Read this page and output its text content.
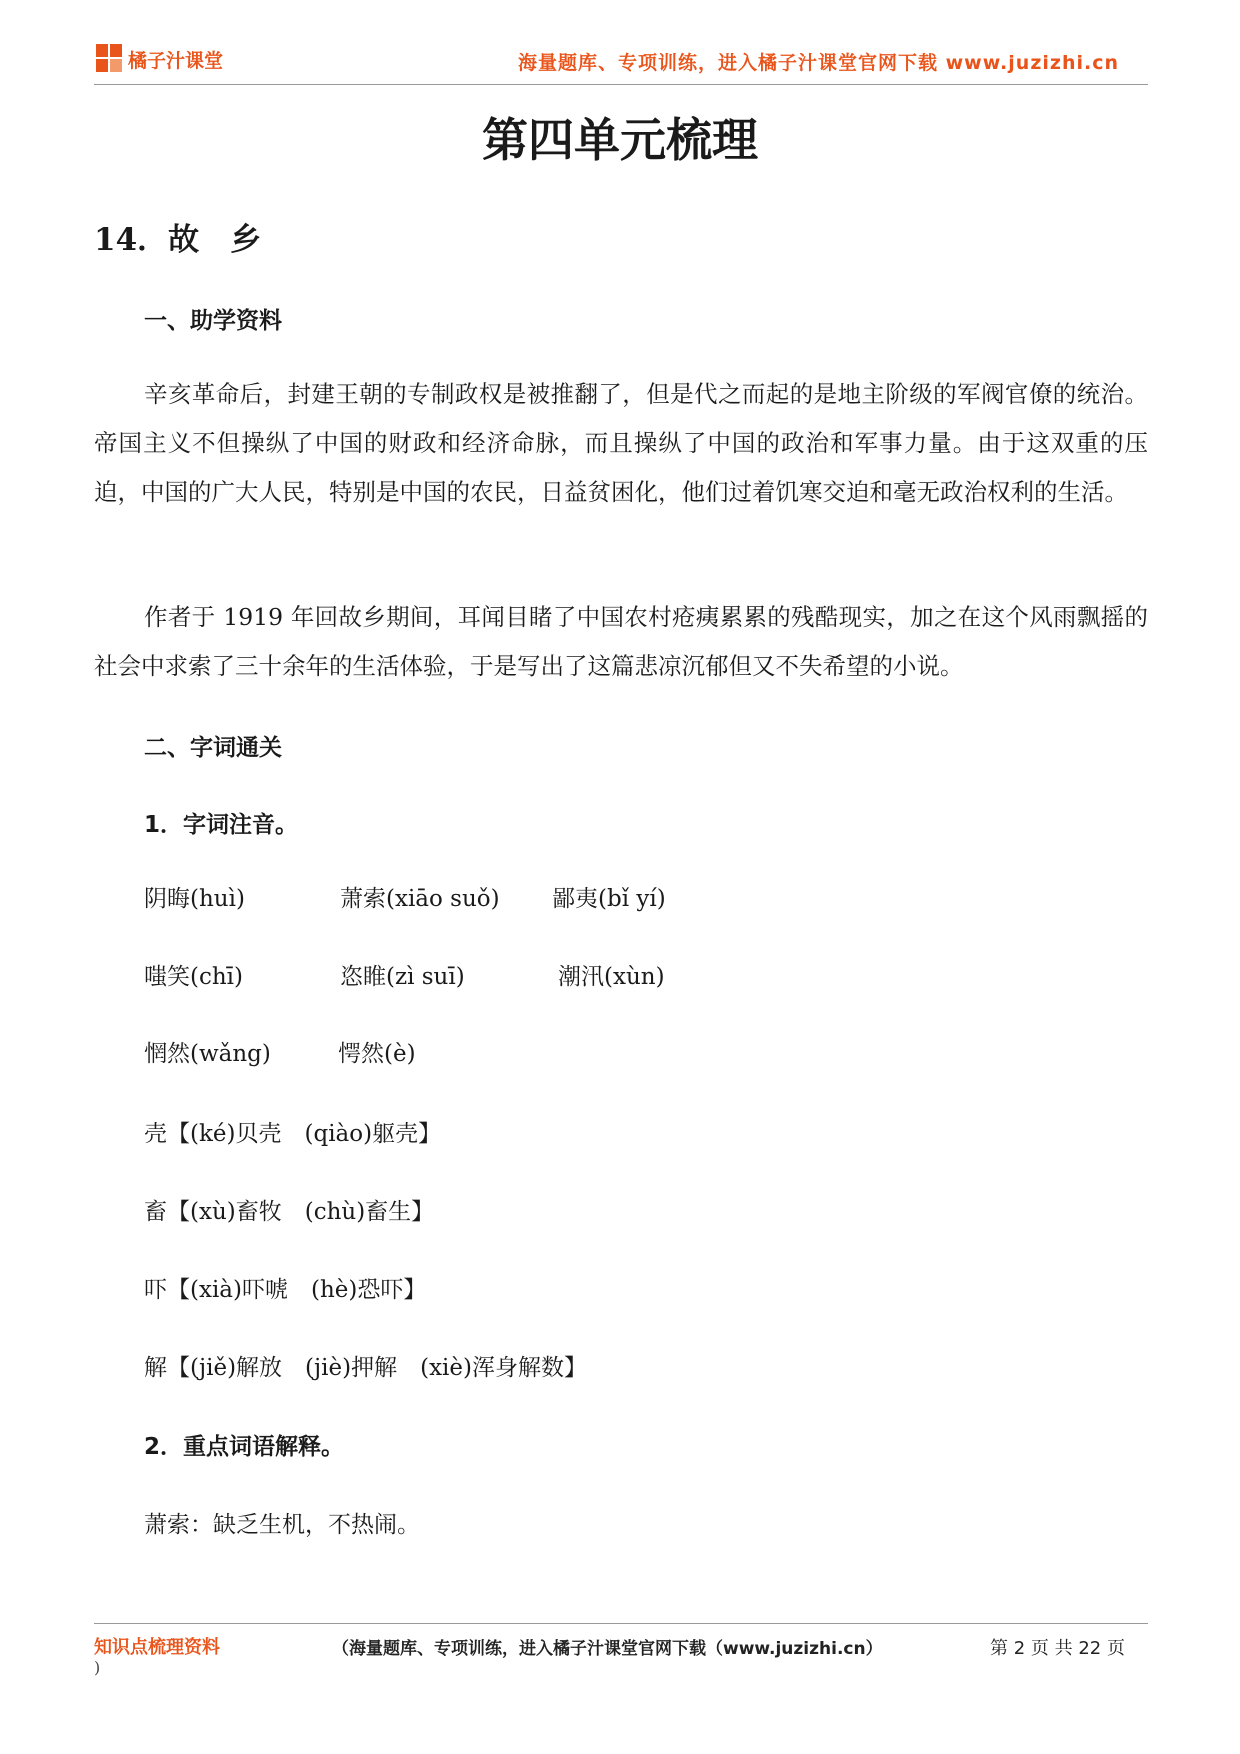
橘子汁课堂	海量题库、专项训练，进入橘子汁课堂官网下载 www.juzizhi.cn
第四单元梳理
14．故　乡
一、助学资料
辛亥革命后，封建王朝的专制政权是被推翻了，但是代之而起的是地主阶级的军阀官僚的统治。帝国主义不但操纵了中国的财政和经济命脉，而且操纵了中国的政治和军事力量。由于这双重的压迫，中国的广大人民，特别是中国的农民，日益贫困化，他们过着饥寒交迫和毫无政治权利的生活。
作者于 1919 年回故乡期间，耳闻目睹了中国农村疮痍累累的残酷现实，加之在这个风雨飘摇的社会中求索了三十余年的生活体验，于是写出了这篇悲凉沉郁但又不失希望的小说。
二、字词通关
1．字词注音。
阴晦(huì)	萧索(xiāo suǒ) 鄙夷(bǐ yí)
嗤笑(chī)	恣睢(zì suī)	潮汛(xùn)
惘然(wǎng)	愕然(è)
壳【(ké)贝壳　(qiào)躯壳】
畜【(xù)畜牧　(chù)畜生】
吓【(xià)吓唬　(hè)恐吓】
解【(jiě)解放　(jiè)押解　(xiè)浑身解数】
2．重点词语解释。
萧索：缺乏生机，不热闹。
知识点梳理资料
)
（海量题库、专项训练，进入橘子汁课堂官网下载（www.juzizhi.cn）	第 2 页 共 22 页
